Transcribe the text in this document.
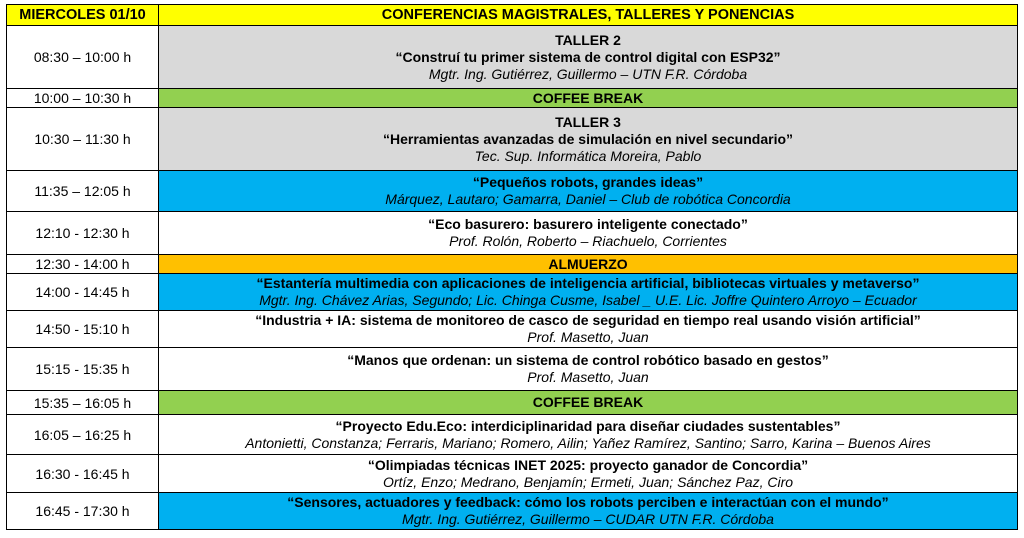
MIERCOLES 01/10	CONFERENCIAS MAGISTRALES, TALLERES Y PONENCIAS
08:30 – 10:00 h	TALLER 2
“Construí tu primer sistema de control digital con ESP32”
Mgtr. Ing. Gutiérrez, Guillermo – UTN F.R. Córdoba

10:00 – 10:30 h	COFFEE BREAK
10:30 – 11:30 h	TALLER 3
“Herramientas avanzadas de simulación en nivel secundario”
Tec. Sup. Informática Moreira, Pablo

11:35 – 12:05 h	“Pequeños robots, grandes ideas”
Márquez, Lautaro; Gamarra, Daniel – Club de robótica Concordia

12:10 - 12:30 h	“Eco basurero: basurero inteligente conectado”
Prof. Rolón, Roberto – Riachuelo, Corrientes

12:30 - 14:00 h	ALMUERZO
14:00 - 14:45 h	“Estantería multimedia con aplicaciones de inteligencia artificial, bibliotecas virtuales y metaverso”
Mgtr. Ing. Chávez Arias, Segundo; Lic. Chinga Cusme, Isabel _ U.E. Lic. Joffre Quintero Arroyo – Ecuador

14:50 - 15:10 h	“Industria + IA: sistema de monitoreo de casco de seguridad en tiempo real usando visión artificial”
Prof. Masetto, Juan

15:15 - 15:35 h	“Manos que ordenan: un sistema de control robótico basado en gestos”
Prof. Masetto, Juan

15:35 – 16:05 h	COFFEE BREAK
16:05 – 16:25 h	“Proyecto Edu.Eco: interdiciplinaridad para diseñar ciudades sustentables”
Antonietti, Constanza; Ferraris, Mariano; Romero, Ailin; Yañez Ramírez, Santino; Sarro, Karina – Buenos Aires

16:30 - 16:45 h	“Olimpiadas técnicas INET 2025: proyecto ganador de Concordia”
Ortíz, Enzo; Medrano, Benjamín; Ermeti, Juan; Sánchez Paz, Ciro

16:45 - 17:30 h	“Sensores, actuadores y feedback: cómo los robots perciben e interactúan con el mundo”
Mgtr. Ing. Gutiérrez, Guillermo – CUDAR UTN F.R. Córdoba
